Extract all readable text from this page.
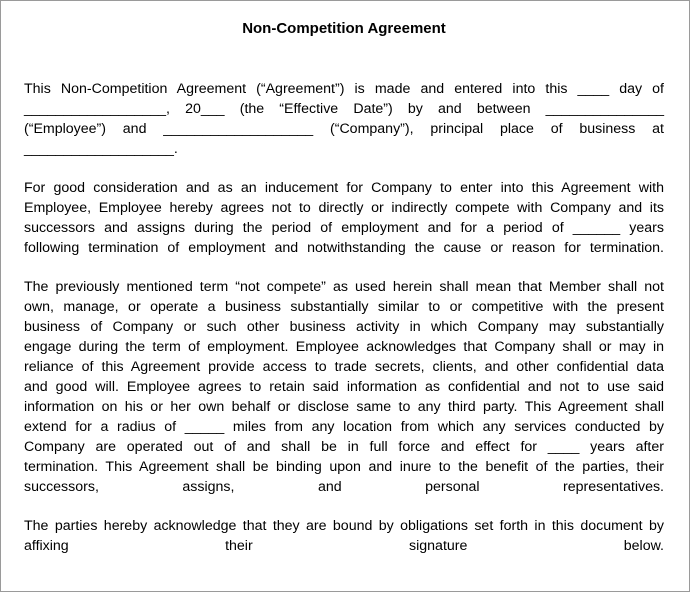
Non-Competition Agreement
This Non-Competition Agreement (“Agreement”) is made and entered into this ____ day of
__________________, 20___ (the “Effective Date”) by and between _______________
(“Employee”) and ___________________ (“Company”), principal place of business at
___________________.
For good consideration and as an inducement for Company to enter into this Agreement with
Employee, Employee hereby agrees not to directly or indirectly compete with Company and its
successors and assigns during the period of employment and for a period of ______ years
following termination of employment and notwithstanding the cause or reason for termination.
The previously mentioned term “not compete” as used herein shall mean that Member shall not
own, manage, or operate a business substantially similar to or competitive with the present
business of Company or such other business activity in which Company may substantially
engage during the term of employment. Employee acknowledges that Company shall or may in
reliance of this Agreement provide access to trade secrets, clients, and other confidential data
and good will. Employee agrees to retain said information as confidential and not to use said
information on his or her own behalf or disclose same to any third party. This Agreement shall
extend for a radius of _____ miles from any location from which any services conducted by
Company are operated out of and shall be in full force and effect for ____ years after
termination. This Agreement shall be binding upon and inure to the benefit of the parties, their
successors, assigns, and personal representatives.
The parties hereby acknowledge that they are bound by obligations set forth in this document by
affixing their signature below.
